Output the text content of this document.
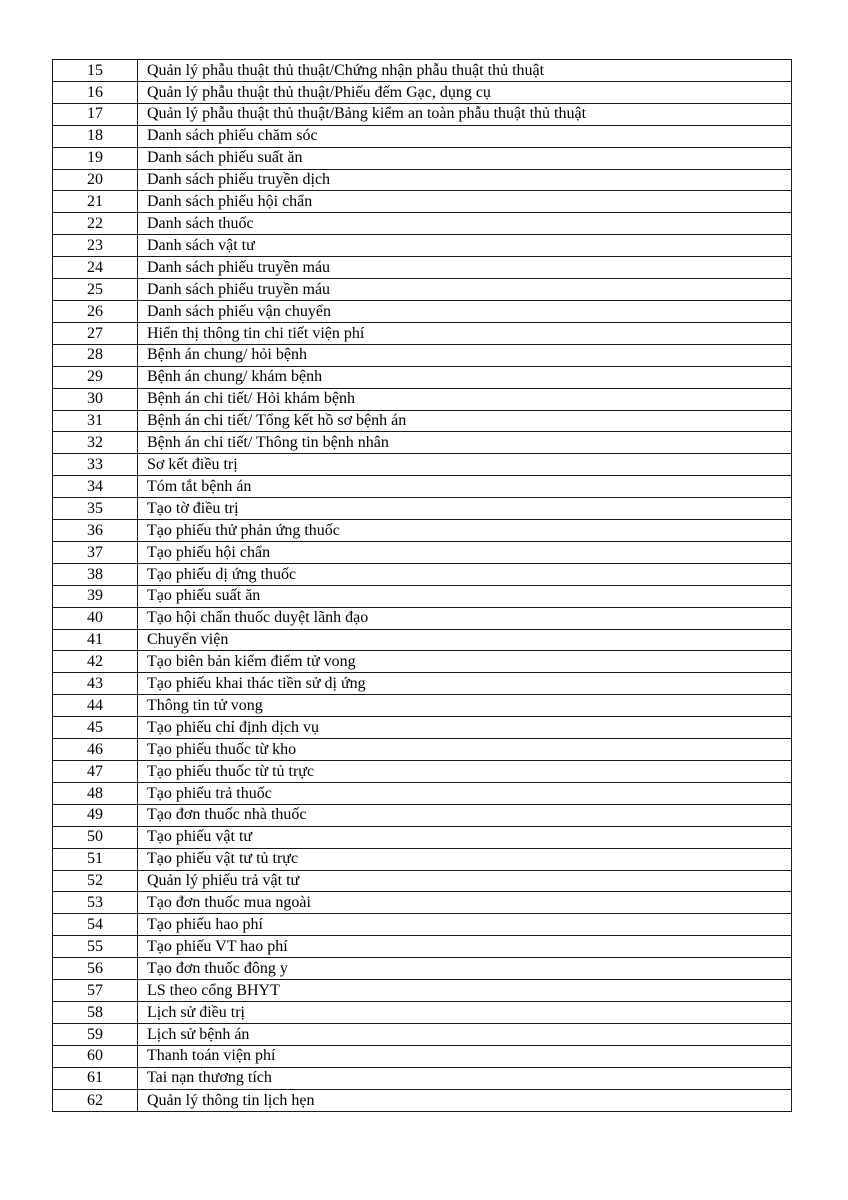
15	Quản lý phẫu thuật thủ thuật/Chứng nhận phẫu thuật thủ thuật
16	Quản lý phẫu thuật thủ thuật/Phiếu đếm Gạc, dụng cụ
17	Quản lý phẫu thuật thủ thuật/Bảng kiểm an toàn phẫu thuật thủ thuật
18	Danh sách phiếu chăm sóc
19	Danh sách phiếu suất ăn
20	Danh sách phiếu truyền dịch
21	Danh sách phiếu hội chẩn
22	Danh sách thuốc
23	Danh sách vật tư
24	Danh sách phiếu truyền máu
25	Danh sách phiếu truyền máu
26	Danh sách phiếu vận chuyển
27	Hiển thị thông tin chi tiết viện phí
28	Bệnh án chung/ hỏi bệnh
29	Bệnh án chung/ khám bệnh
30	Bệnh án chi tiết/ Hỏi khám bệnh
31	Bệnh án chi tiết/ Tổng kết hồ sơ bệnh án
32	Bệnh án chi tiết/ Thông tin bệnh nhân
33	Sơ kết điều trị
34	Tóm tắt bệnh án
35	Tạo tờ điều trị
36	Tạo phiếu thử phản ứng thuốc
37	Tạo phiếu hội chẩn
38	Tạo phiếu dị ứng thuốc
39	Tạo phiếu suất ăn
40	Tạo hội chẩn thuốc duyệt lãnh đạo
41	Chuyển viện
42	Tạo biên bản kiểm điểm tử vong
43	Tạo phiếu khai thác tiền sử dị ứng
44	Thông tin tử vong
45	Tạo phiếu chỉ định dịch vụ
46	Tạo phiếu thuốc từ kho
47	Tạo phiếu thuốc từ tủ trực
48	Tạo phiếu trả thuốc
49	Tạo đơn thuốc nhà thuốc
50	Tạo phiếu vật tư
51	Tạo phiếu vật tư tủ trực
52	Quản lý phiếu trả vật tư
53	Tạo đơn thuốc mua ngoài
54	Tạo phiếu hao phí
55	Tạo phiếu VT hao phí
56	Tạo đơn thuốc đông y
57	LS theo cổng BHYT
58	Lịch sử điều trị
59	Lịch sử bệnh án
60	Thanh toán viện phí
61	Tai nạn thương tích
62	Quản lý thông tin lịch hẹn
